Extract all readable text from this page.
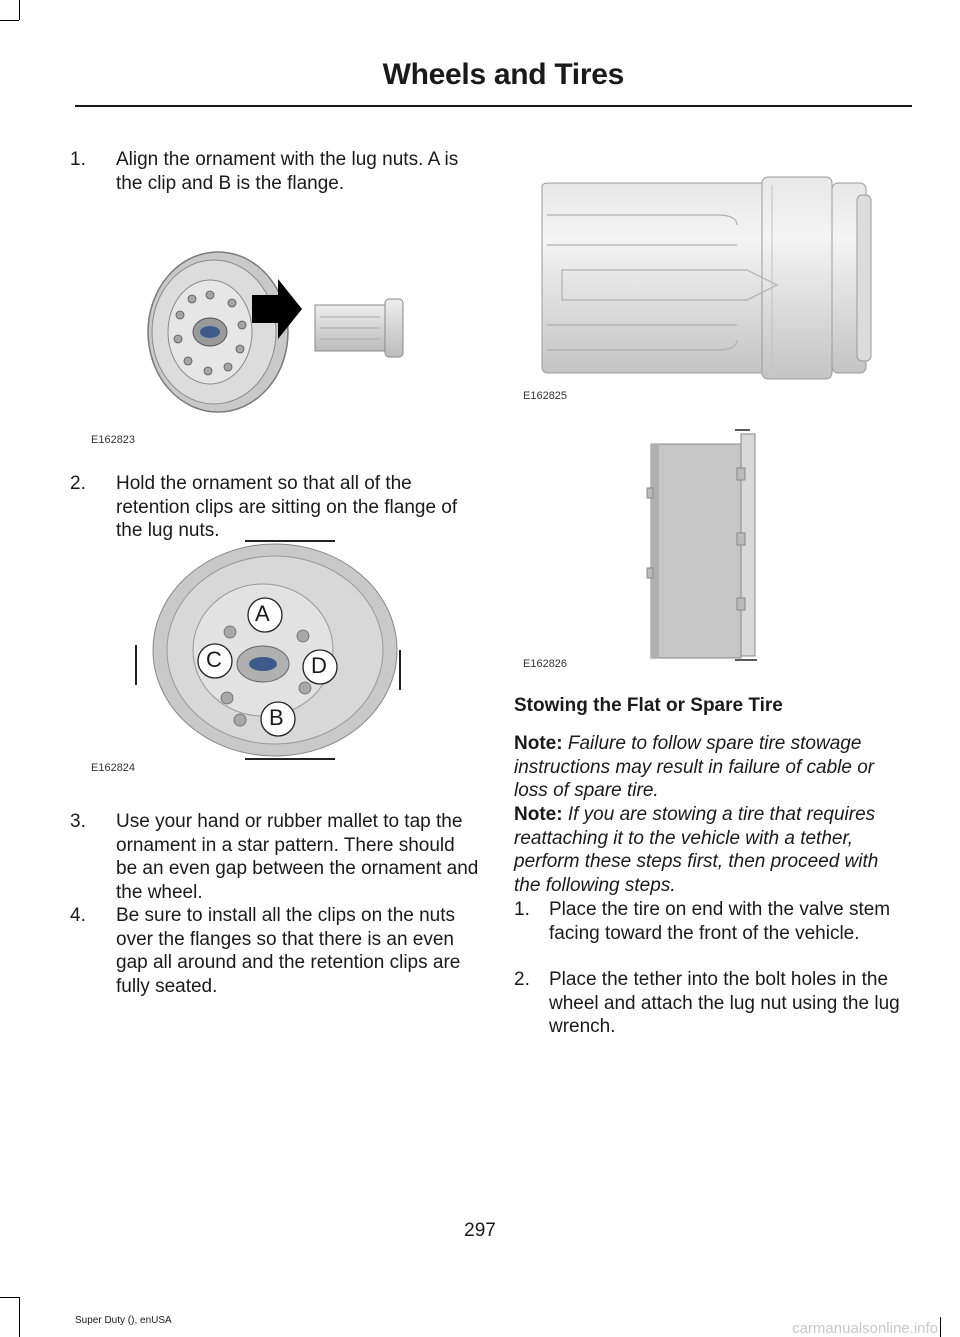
Wheels and Tires
1.	Align the ornament with the lug nuts. A is the clip and B is the flange.
E162823
2.	Hold the ornament so that all of the retention clips are sitting on the flange of the lug nuts.
A
C	D
B
E162824
3.	Use your hand or rubber mallet to tap the ornament in a star pattern. There should be an even gap between the ornament and the wheel.
4.	Be sure to install all the clips on the nuts over the flanges so that there is an even gap all around and the retention clips are fully seated.
E162825
E162826
Stowing the Flat or Spare Tire
Note: Failure to follow spare tire stowage instructions may result in failure of cable or loss of spare tire.
Note: If you are stowing a tire that requires reattaching it to the vehicle with a tether, perform these steps first, then proceed with the following steps.
1.	Place the tire on end with the valve stem facing toward the front of the vehicle.
2.	Place the tether into the bolt holes in the wheel and attach the lug nut using the lug wrench.
297
Super Duty (), enUSA	carmanualsonline.info
